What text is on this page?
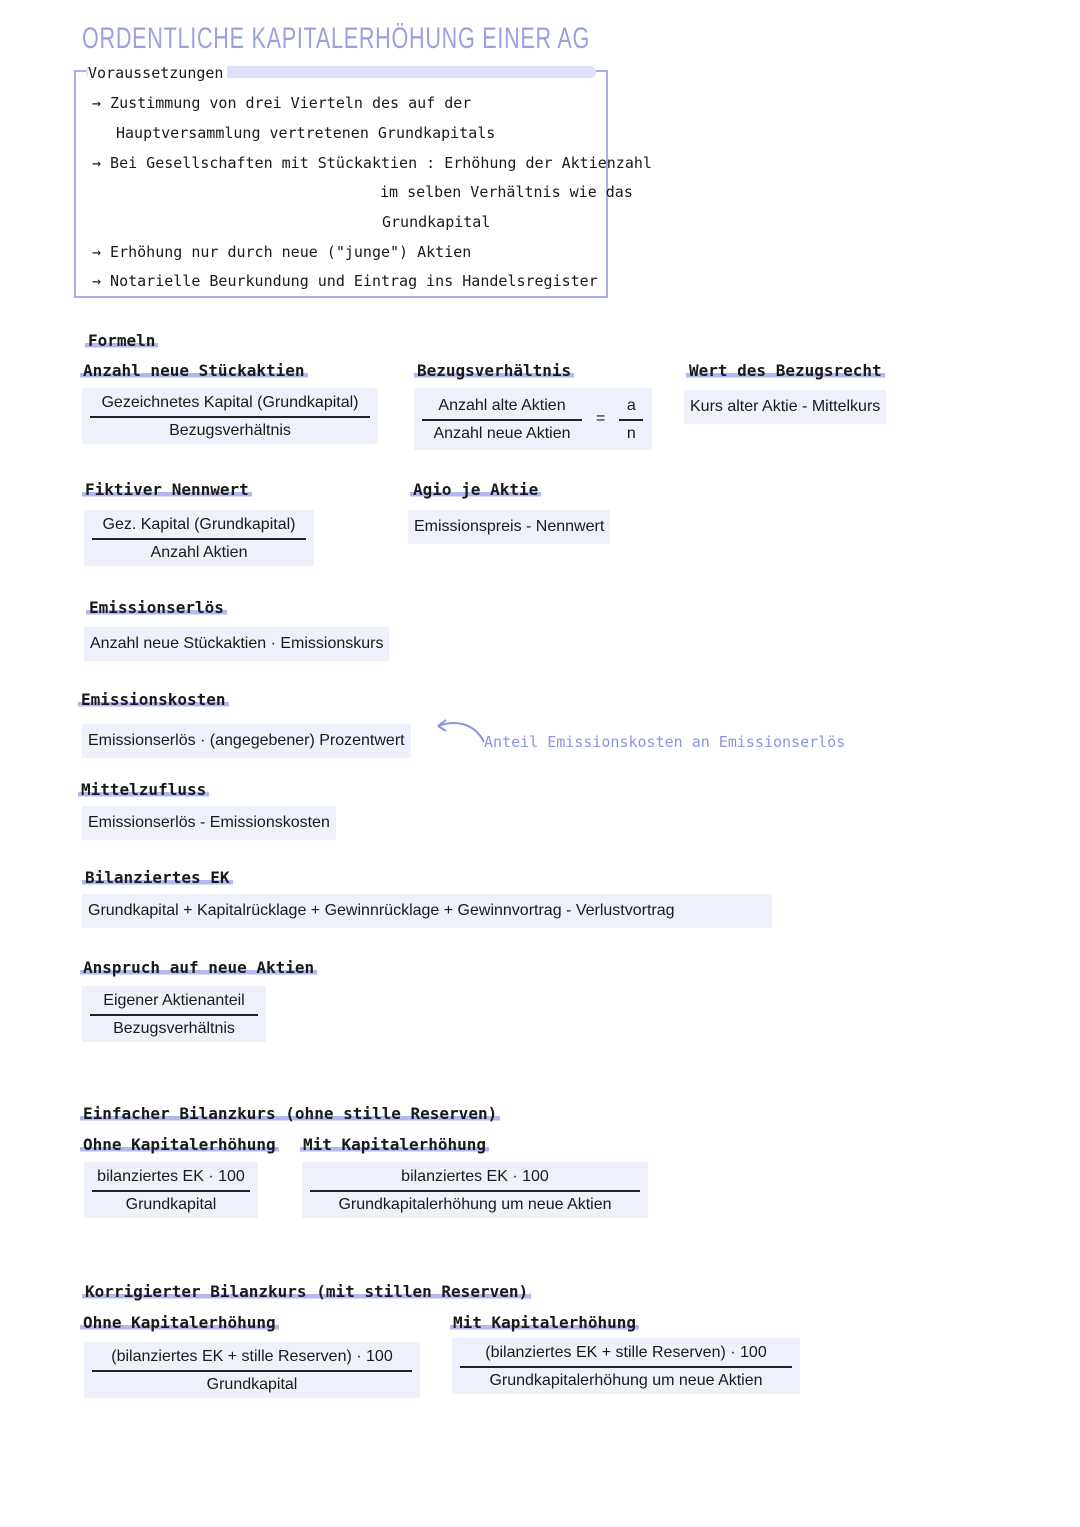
ORDENTLICHE KAPITALERHÖHUNG EINER AG
Voraussetzungen
→ Zustimmung von drei Vierteln des auf der
Hauptversammlung vertretenen Grundkapitals
→ Bei Gesellschaften mit Stückaktien : Erhöhung der Aktienzahl
im selben Verhältnis wie das
Grundkapital
→ Erhöhung nur durch neue ("junge") Aktien
→ Notarielle Beurkundung und Eintrag ins Handelsregister
Formeln
Anzahl neue Stückaktien
Gezeichnetes Kapital (Grundkapital)
Bezugsverhältnis
Bezugsverhältnis
$\frac{\text{Anzahl alte Aktien}}{\text{Anzahl neue Aktien}} = \frac{a}{n}$
Wert des Bezugsrecht
Kurs alter Aktie - Mittelkurs
Fiktiver Nennwert
Gez. Kapital (Grundkapital)
Anzahl Aktien
Agio je Aktie
Emissionspreis - Nennwert
Emissionserlös
Anzahl neue Stückaktien · Emissionskurs
Emissionskosten
Emissionserlös · (angegebener) Prozentwert	Anteil Emissionskosten an Emissionserlös
Mittelzufluss
Emissionserlös - Emissionskosten
Bilanziertes EK
Grundkapital + Kapitalrücklage + Gewinnrücklage + Gewinnvortrag - Verlustvortrag
Anspruch auf neue Aktien
Eigener Aktienanteil
Bezugsverhältnis
Einfacher Bilanzkurs (ohne stille Reserven)
Ohne Kapitalerhöhung
bilanziertes EK · 100
Grundkapital
Mit Kapitalerhöhung
bilanziertes EK · 100
Grundkapitalerhöhung um neue Aktien
Korrigierter Bilanzkurs (mit stillen Reserven)
Ohne Kapitalerhöhung
(bilanziertes EK + stille Reserven) · 100
Grundkapital
Mit Kapitalerhöhung
(bilanziertes EK + stille Reserven) · 100
Grundkapitalerhöhung um neue Aktien
